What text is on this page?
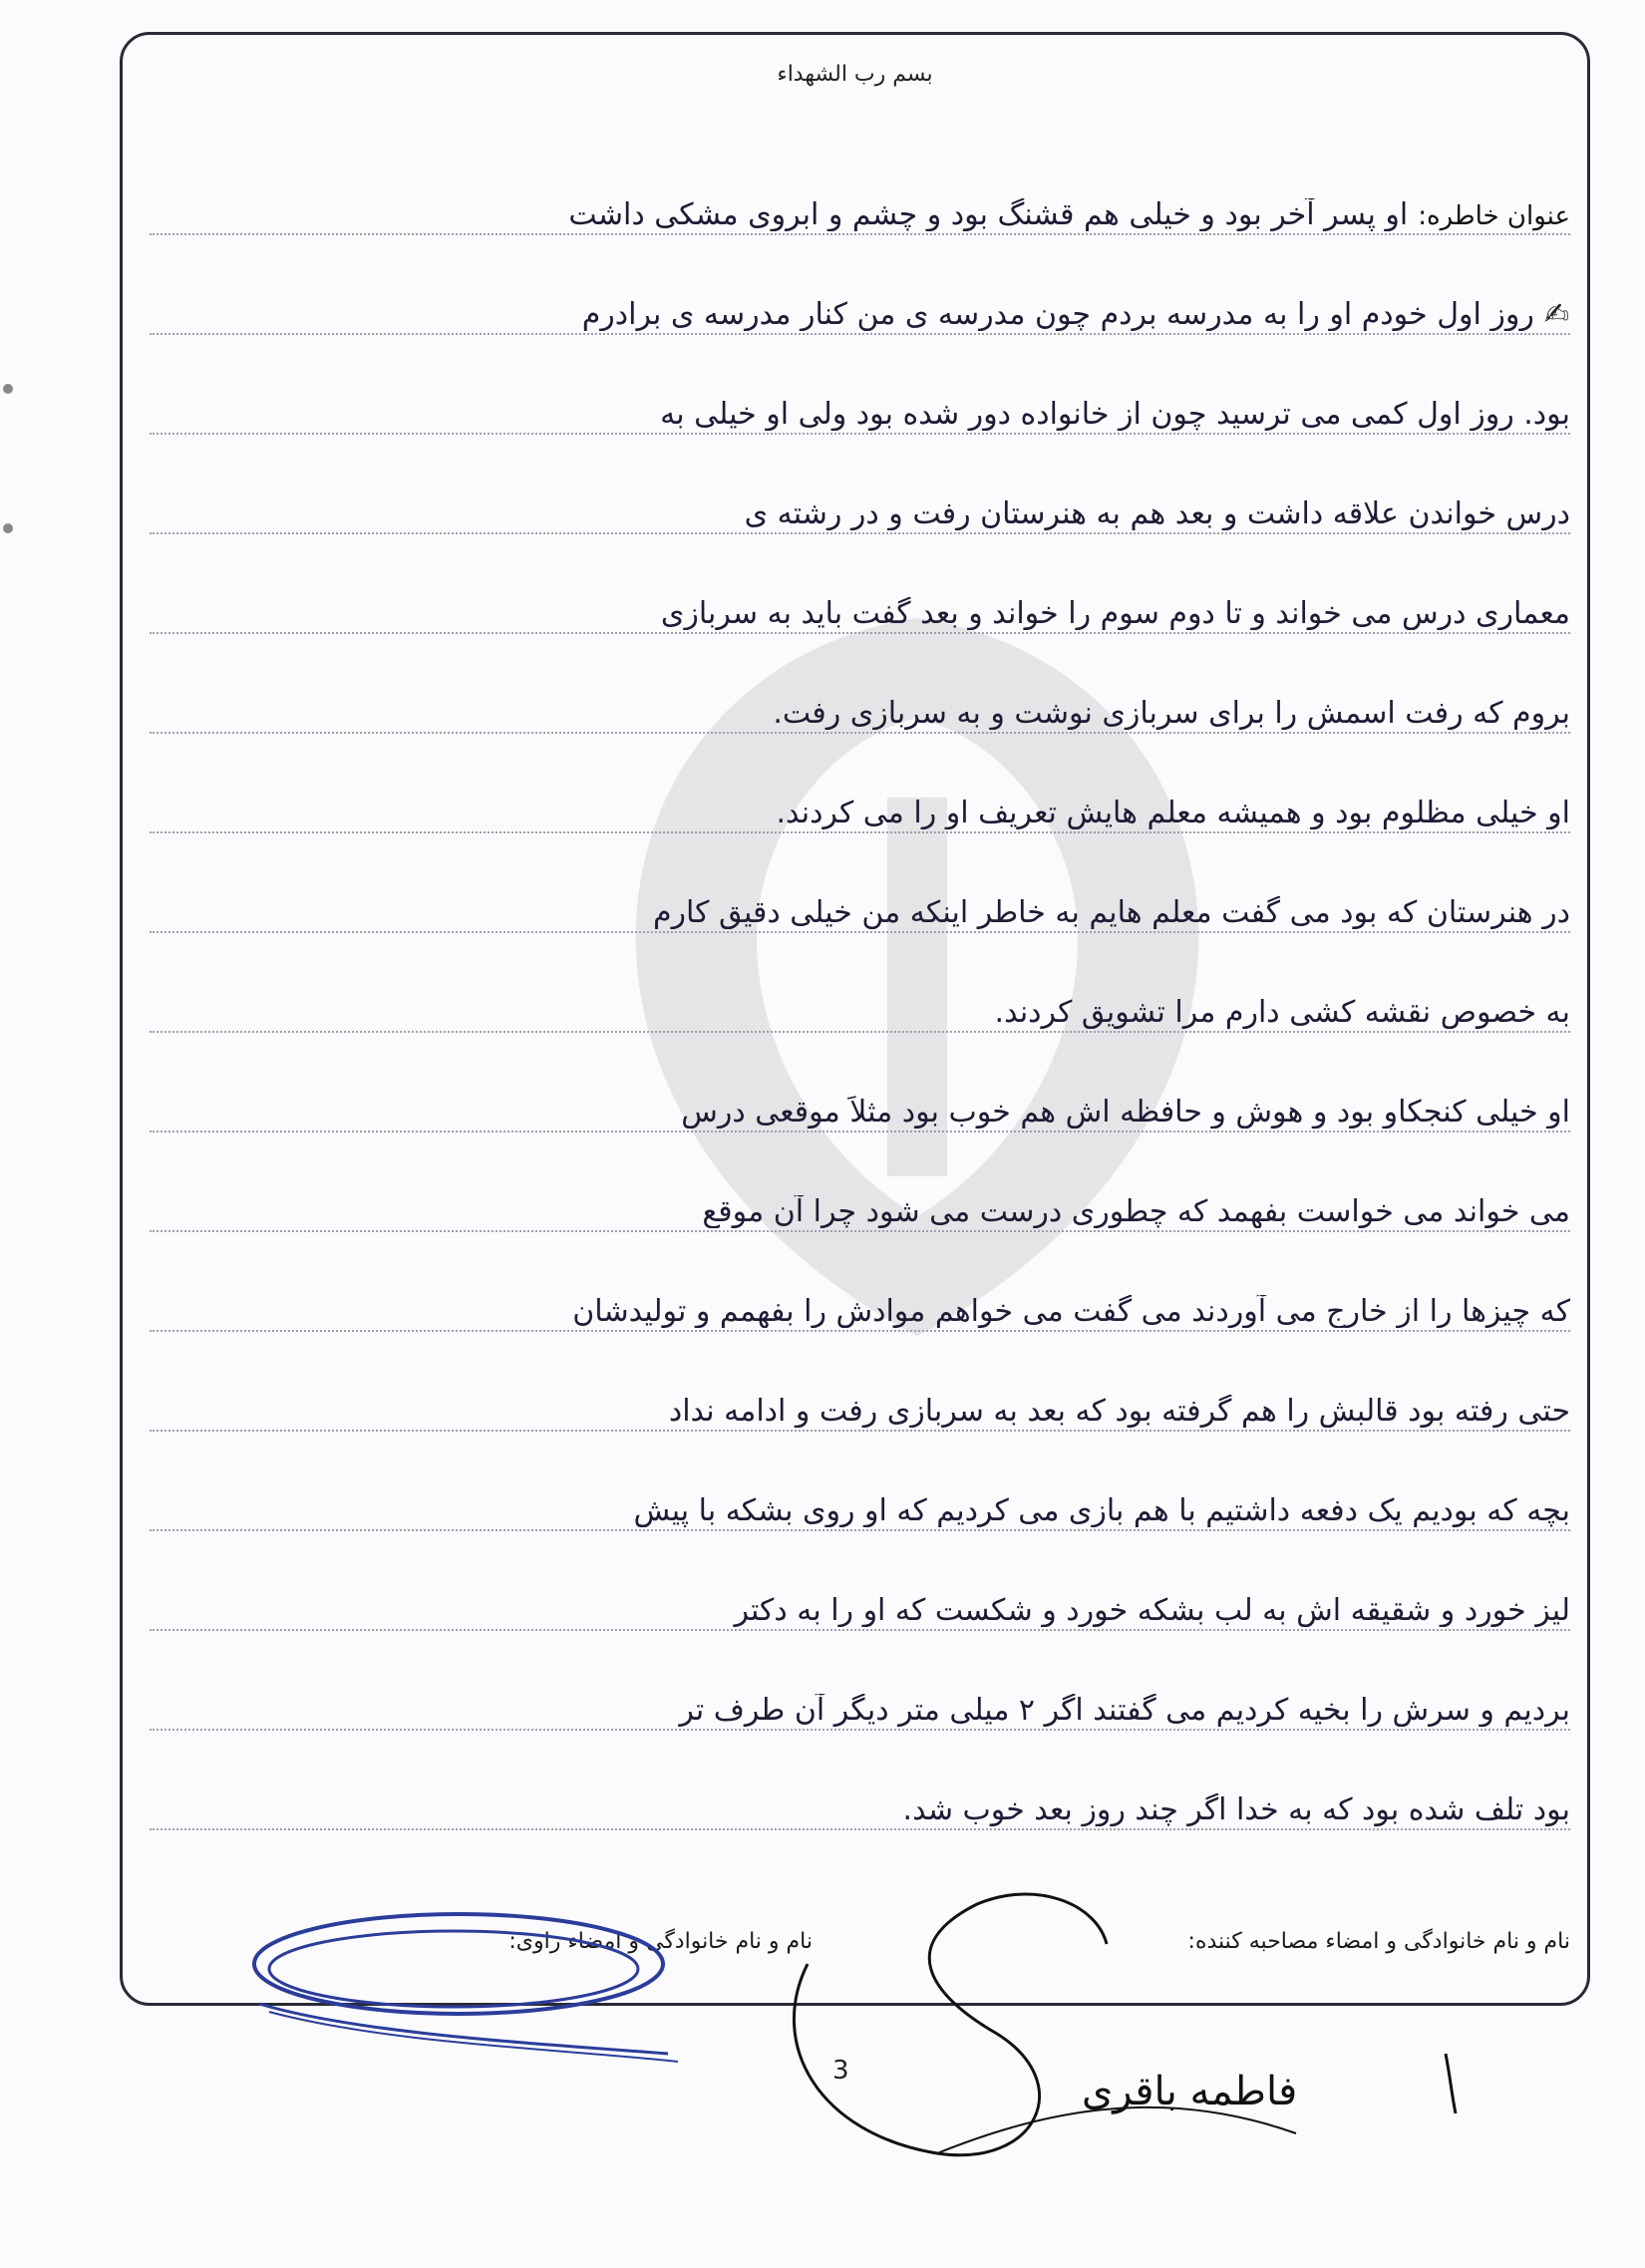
بسم رب الشهداء
عنوان خاطره:او پسر آخر بود و خیلی هم قشنگ بود و چشم و ابروی مشکی داشت
✍روز اول خودم او را به مدرسه بردم چون مدرسه ی من کنار مدرسه ی برادرم
بود. روز اول کمی می ترسید چون از خانواده دور شده بود ولی او خیلی به
درس خواندن علاقه داشت و بعد هم به هنرستان رفت و در رشته ی
معماری درس می خواند و تا دوم سوم را خواند و بعد گفت باید به سربازی
بروم که رفت اسمش را برای سربازی نوشت و به سربازی رفت.
او خیلی مظلوم بود و همیشه معلم هایش تعریف او را می کردند.
در هنرستان که بود می گفت معلم هایم به خاطر اینکه من خیلی دقیق کارم
به خصوص نقشه کشی دارم مرا تشویق کردند.
او خیلی کنجکاو بود و هوش و حافظه اش هم خوب بود مثلاً موقعی درس
می خواند می خواست بفهمد که چطوری درست می شود چرا آن موقع
که چیزها را از خارج می آوردند می گفت می خواهم موادش را بفهمم و تولیدشان
حتی رفته بود قالبش را هم گرفته بود که بعد به سربازی رفت و ادامه نداد
بچه که بودیم یک دفعه داشتیم با هم بازی می کردیم که او روی بشکه با پیش
لیز خورد و شقیقه اش به لب بشکه خورد و شکست که او را به دکتر
بردیم و سرش را بخیه کردیم می گفتند اگر ۲ میلی متر دیگر آن طرف تر
بود تلف شده بود که به خدا اگر چند روز بعد خوب شد.
نام و نام خانوادگی و امضاء مصاحبه کننده:
نام و نام خانوادگی و امضاء راوی:
3	فاطمه باقری
